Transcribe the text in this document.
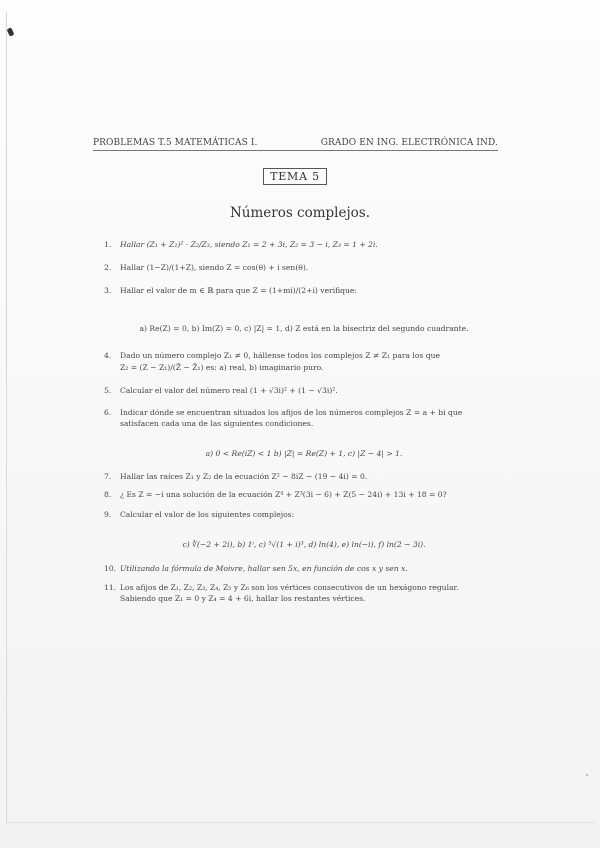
PROBLEMAS T.5 MATEMÁTICAS I.	GRADO EN ING. ELECTRÓNICA IND.
TEMA 5
Números complejos.
1.	Hallar (Z₁ + Z₂)² · Z₂/Z₃, siendo Z₁ = 2 + 3i, Z₂ = 3 − i, Z₃ = 1 + 2i.
2.	Hallar (1−Z)/(1+Z), siendo Z = cos(θ) + i sen(θ).
3.	Hallar el valor de m ∈ ℝ para que Z = (1+mi)/(2+i) verifique:
a) Re(Z) = 0, b) Im(Z) = 0, c) |Z| = 1, d) Z está en la bisectriz del segundo cuadrante.
4.	Dado un número complejo Z₁ ≠ 0, hállense todos los complejos Z ≠ Z₁ para los que
Z₂ = (Z − Z₁)/(Z̄ − Z̄₁) es: a) real, b) imaginario puro.
5.	Calcular el valor del número real (1 + √3i)² + (1 − √3i)².
6.	Indicar dónde se encuentran situados los afijos de los números complejos Z = a + bi que
satisfacen cada una de las siguientes condiciones.
a) 0 < Re(iZ) < 1 b) |Z| = Re(Z) + 1, c) |Z − 4| > 1.
7.	Hallar las raíces Z₁ y Z₂ de la ecuación Z² − 8iZ − (19 − 4i) = 0.
8.	¿ Es Z = −i una solución de la ecuación Z⁴ + Z³(3i − 6) + Z(5 − 24i) + 13i + 18 = 0?
9.	Calcular el valor de los siguientes complejos:
c) ∛(−2 + 2i), b) 1ⁱ, c) ⁵√(1 + i)³, d) ln(4), e) ln(−i), f) ln(2 − 3i).
10. Utilizando la fórmula de Moivre, hallar sen 5x, en función de cos x y sen x.
11. Los afijos de Z₁, Z₂, Z₃, Z₄, Z₅ y Z₆ son los vértices consecutivos de un hexágono regular.
Sabiendo que Z₁ = 0 y Z₄ = 4 + 6i, hallar los restantes vértices.
